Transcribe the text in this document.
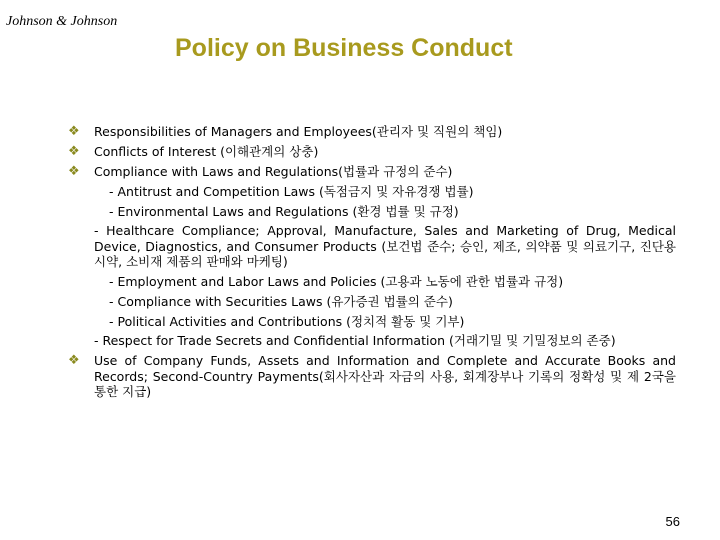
Johnson & Johnson
Policy on Business Conduct
❖	Responsibilities of Managers and Employees(관리자 및 직원의 책임)
❖	Conflicts of Interest (이해관계의 상충)
❖	Compliance with Laws and Regulations(법률과 규정의 준수)
- Antitrust and Competition Laws (독점금지 및 자유경쟁 법률)
- Environmental Laws and Regulations (환경 법률 및 규정)
- Healthcare Compliance; Approval, Manufacture, Sales and Marketing of Drug, Medical Device, Diagnostics, and Consumer Products (보건법 준수; 승인, 제조, 의약품 및 의료기구, 진단용 시약, 소비재 제품의 판매와 마케팅)
- Employment and Labor Laws and Policies (고용과 노동에 관한 법률과 규정)
- Compliance with Securities Laws (유가증권 법률의 준수)
- Political Activities and Contributions (정치적 활동 및 기부)
- Respect for Trade Secrets and Confidential Information (거래기밀 및 기밀정보의 존중)
❖	Use of Company Funds, Assets and Information and Complete and Accurate Books and Records; Second-Country Payments(회사자산과 자금의 사용, 회계장부나 기록의 정확성 및 제 2국을 통한 지급)
56
